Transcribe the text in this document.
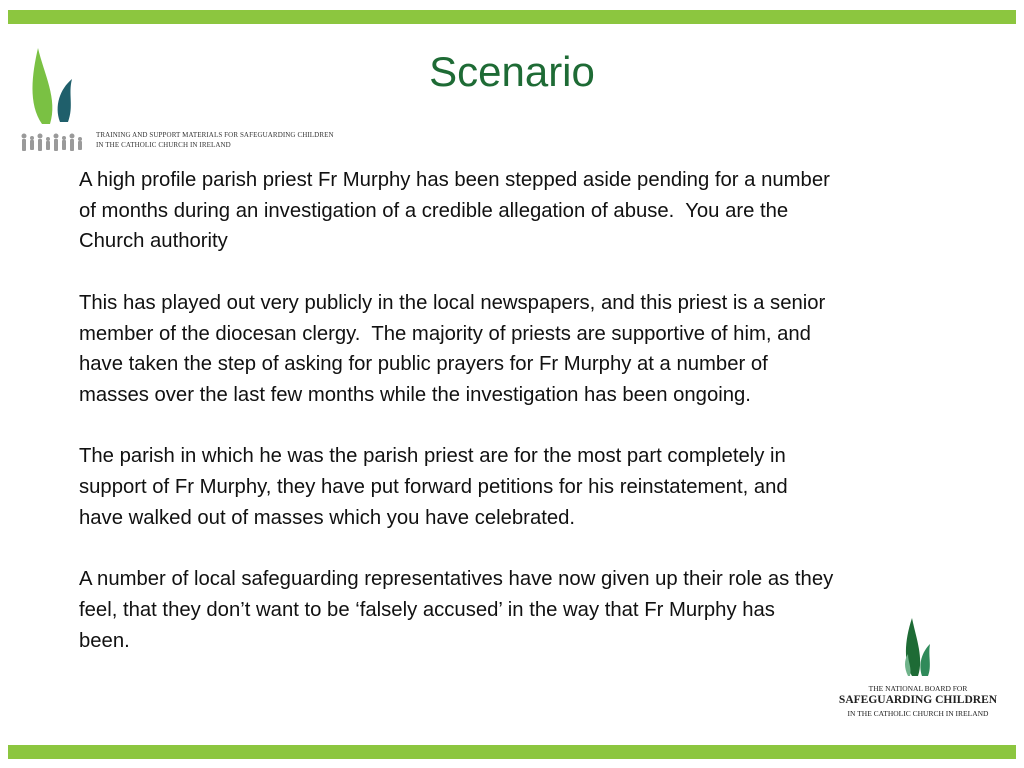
TRAINING AND SUPPORT MATERIALS FOR SAFEGUARDING CHILDREN
IN THE CATHOLIC CHURCH IN IRELAND
Scenario

A high profile parish priest Fr Murphy has been stepped aside pending for a number
of months during an investigation of a credible allegation of abuse.  You are the
Church authority

This has played out very publicly in the local newspapers, and this priest is a senior
member of the diocesan clergy.  The majority of priests are supportive of him, and
have taken the step of asking for public prayers for Fr Murphy at a number of
masses over the last few months while the investigation has been ongoing.

The parish in which he was the parish priest are for the most part completely in
support of Fr Murphy, they have put forward petitions for his reinstatement, and
have walked out of masses which you have celebrated.

A number of local safeguarding representatives have now given up their role as they
feel, that they don’t want to be ‘falsely accused’ in the way that Fr Murphy has
been.

THE NATIONAL BOARD FOR
SAFEGUARDING CHILDREN
IN THE CATHOLIC CHURCH IN IRELAND
